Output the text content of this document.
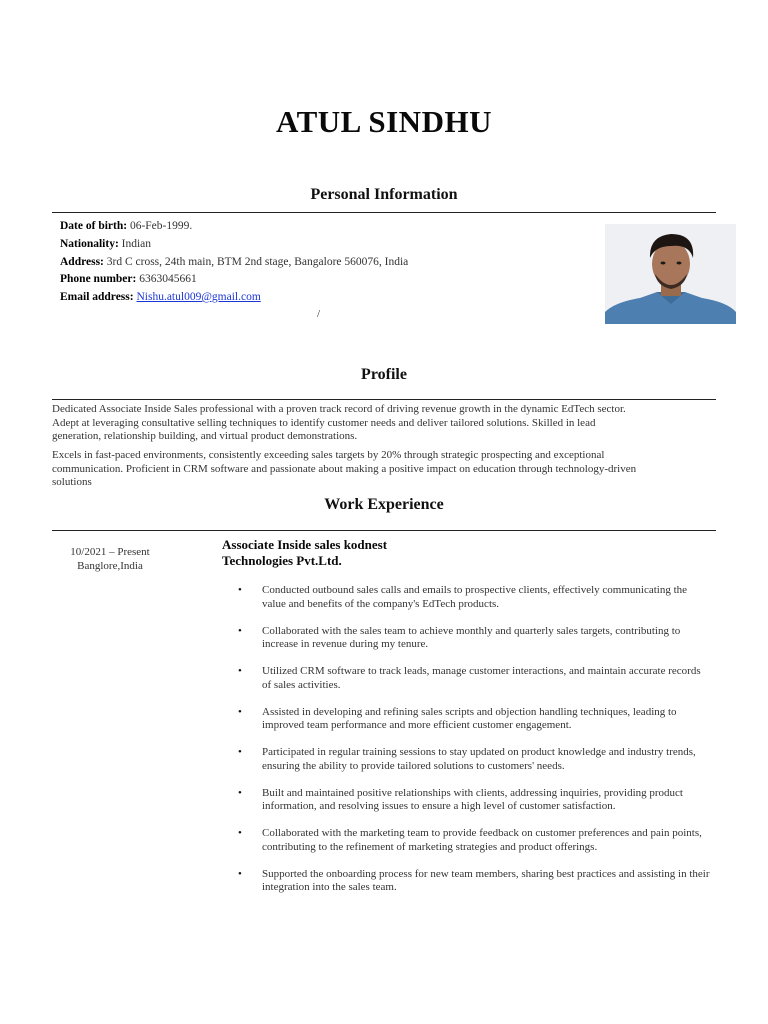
ATUL SINDHU
Personal Information
Date of birth: 06-Feb-1999.
Nationality: Indian
Address: 3rd C cross, 24th main, BTM 2nd stage, Bangalore 560076, India
Phone number: 6363045661
Email address: Nishu.atul009@gmail.com
/
Profile
Dedicated Associate Inside Sales professional with a proven track record of driving revenue growth in the dynamic EdTech sector.
Adept at leveraging consultative selling techniques to identify customer needs and deliver tailored solutions. Skilled in lead
generation, relationship building, and virtual product demonstrations.
Excels in fast-paced environments, consistently exceeding sales targets by 20% through strategic prospecting and exceptional
communication. Proficient in CRM software and passionate about making a positive impact on education through technology-driven
solutions
Work Experience
10/2021 – Present
Banglore,India
Associate Inside sales kodnest
Technologies Pvt.Ltd.
• Conducted outbound sales calls and emails to prospective clients, effectively communicating the value and benefits of the company's EdTech products.
• Collaborated with the sales team to achieve monthly and quarterly sales targets, contributing to increase in revenue during my tenure.
• Utilized CRM software to track leads, manage customer interactions, and maintain accurate records of sales activities.
• Assisted in developing and refining sales scripts and objection handling techniques, leading to improved team performance and more efficient customer engagement.
• Participated in regular training sessions to stay updated on product knowledge and industry trends, ensuring the ability to provide tailored solutions to customers' needs.
• Built and maintained positive relationships with clients, addressing inquiries, providing product information, and resolving issues to ensure a high level of customer satisfaction.
• Collaborated with the marketing team to provide feedback on customer preferences and pain points, contributing to the refinement of marketing strategies and product offerings.
• Supported the onboarding process for new team members, sharing best practices and assisting in their integration into the sales team.
